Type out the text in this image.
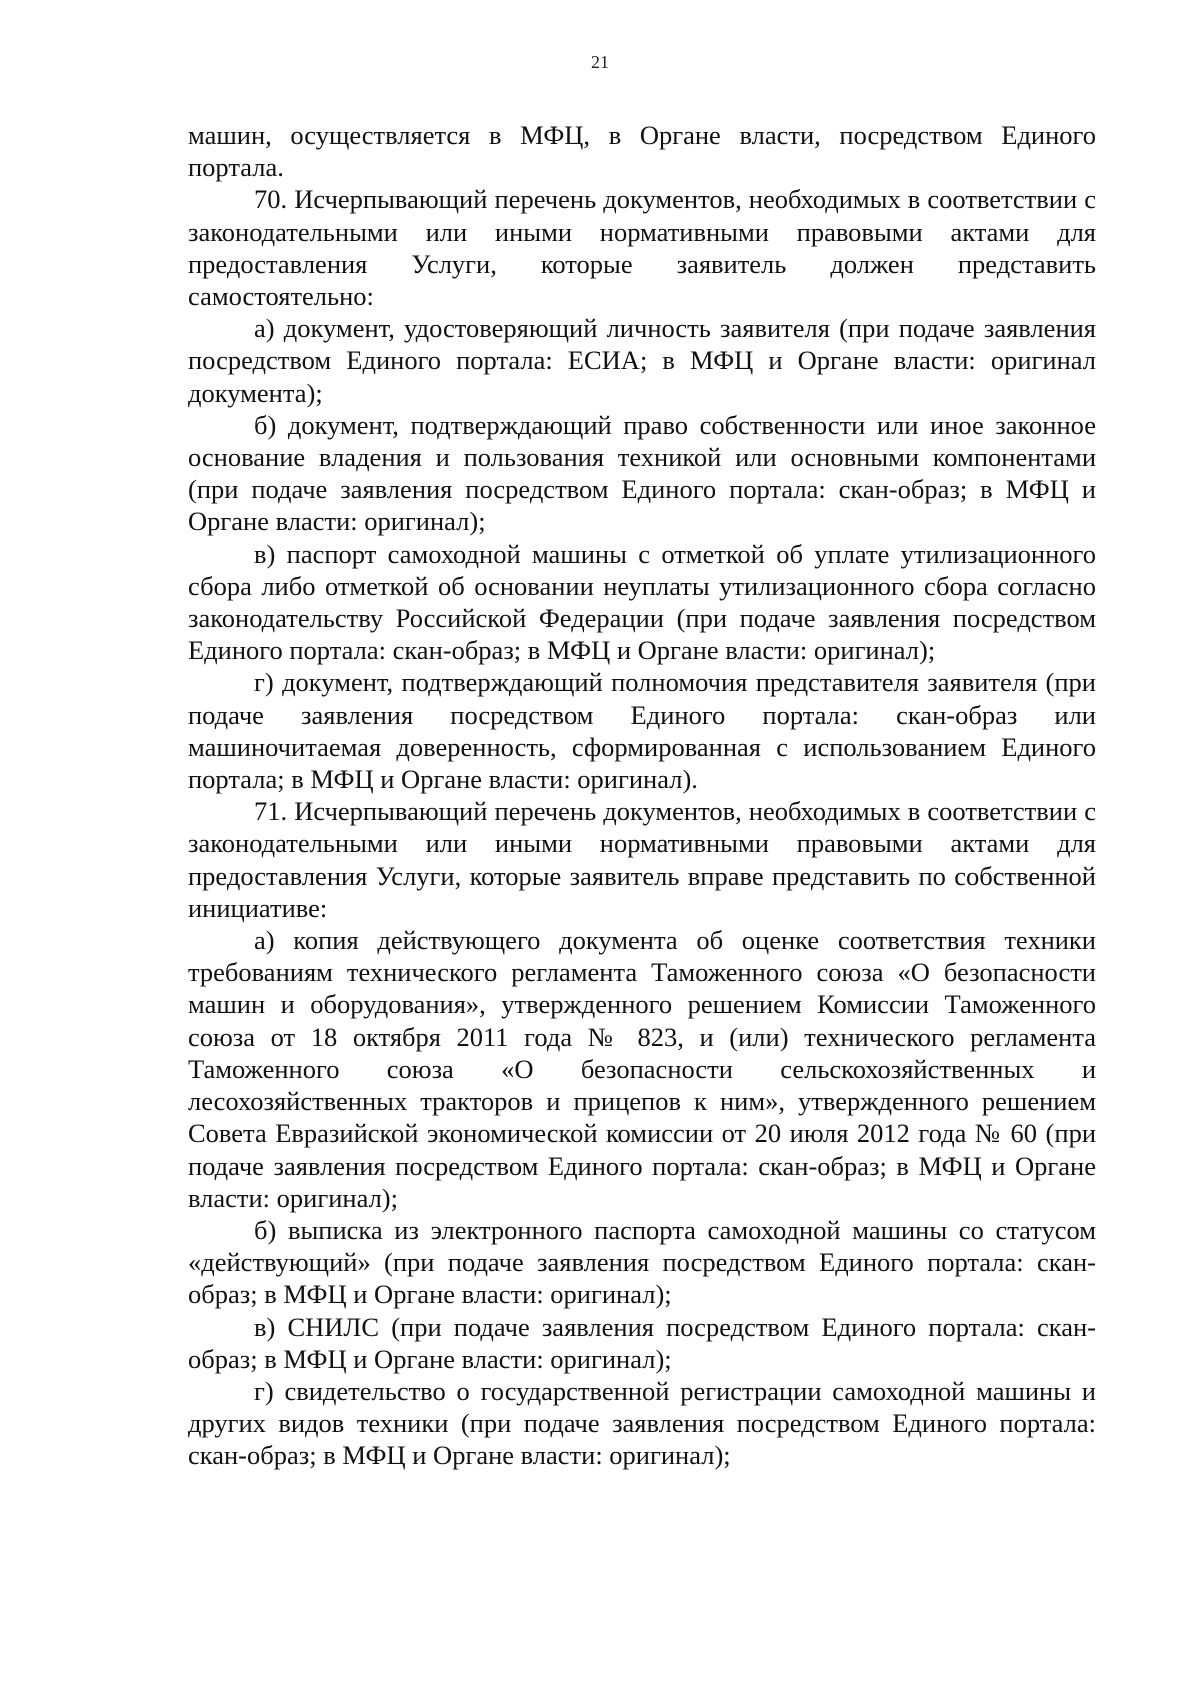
21

машин, осуществляется в МФЦ, в Органе власти, посредством Единого портала.

70. Исчерпывающий перечень документов, необходимых в соответствии с законодательными или иными нормативными правовыми актами для предоставления Услуги, которые заявитель должен представить самостоятельно:

а) документ, удостоверяющий личность заявителя (при подаче заявления посредством Единого портала: ЕСИА; в МФЦ и Органе власти: оригинал документа);

б) документ, подтверждающий право собственности или иное законное основание владения и пользования техникой или основными компонентами (при подаче заявления посредством Единого портала: скан-образ; в МФЦ и Органе власти: оригинал);

в) паспорт самоходной машины с отметкой об уплате утилизационного сбора либо отметкой об основании неуплаты утилизационного сбора согласно законодательству Российской Федерации (при подаче заявления посредством Единого портала: скан-образ; в МФЦ и Органе власти: оригинал);

г) документ, подтверждающий полномочия представителя заявителя (при подаче заявления посредством Единого портала: скан-образ или машиночитаемая доверенность, сформированная с использованием Единого портала; в МФЦ и Органе власти: оригинал).

71. Исчерпывающий перечень документов, необходимых в соответствии с законодательными или иными нормативными правовыми актами для предоставления Услуги, которые заявитель вправе представить по собственной инициативе:

а) копия действующего документа об оценке соответствия техники требованиям технического регламента Таможенного союза «О безопасности машин и оборудования», утвержденного решением Комиссии Таможенного союза от 18 октября 2011 года № 823, и (или) технического регламента Таможенного союза «О безопасности сельскохозяйственных и лесохозяйственных тракторов и прицепов к ним», утвержденного решением Совета Евразийской экономической комиссии от 20 июля 2012 года № 60 (при подаче заявления посредством Единого портала: скан-образ; в МФЦ и Органе власти: оригинал);

б) выписка из электронного паспорта самоходной машины со статусом «действующий» (при подаче заявления посредством Единого портала: скан-образ; в МФЦ и Органе власти: оригинал);

в) СНИЛС (при подаче заявления посредством Единого портала: скан-образ; в МФЦ и Органе власти: оригинал);

г) свидетельство о государственной регистрации самоходной машины и других видов техники (при подаче заявления посредством Единого портала: скан-образ; в МФЦ и Органе власти: оригинал);
